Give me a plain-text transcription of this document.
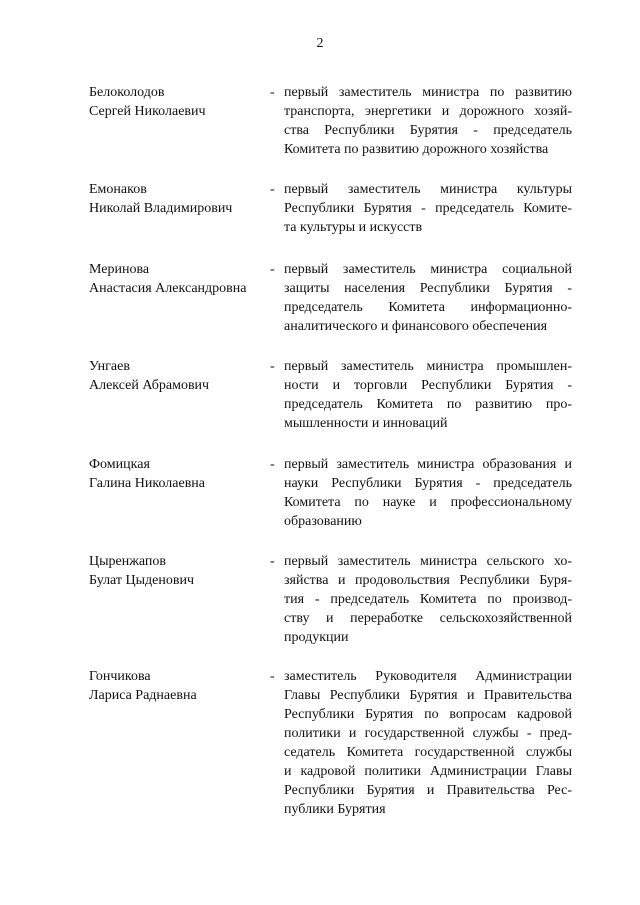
2
Белоколодов
Сергей Николаевич
- первый заместитель министра по развитию
транспорта, энергетики и дорожного хозяй-
ства Республики Бурятия - председатель
Комитета по развитию дорожного хозяйства
Емонаков
Николай Владимирович
- первый заместитель министра культуры
Республики Бурятия - председатель Комите-
та культуры и искусств
Меринова
Анастасия Александровна
- первый заместитель министра социальной
защиты населения Республики Бурятия -
председатель Комитета информационно-
аналитического и финансового обеспечения
Унгаев
Алексей Абрамович
- первый заместитель министра промышлен-
ности и торговли Республики Бурятия -
председатель Комитета по развитию про-
мышленности и инноваций
Фомицкая
Галина Николаевна
- первый заместитель министра образования и
науки Республики Бурятия - председатель
Комитета по науке и профессиональному
образованию
Цыренжапов
Булат Цыденович
- первый заместитель министра сельского хо-
зяйства и продовольствия Республики Буря-
тия - председатель Комитета по производ-
ству и переработке сельскохозяйственной
продукции
Гончикова
Лариса Раднаевна
- заместитель Руководителя Администрации
Главы Республики Бурятия и Правительства
Республики Бурятия по вопросам кадровой
политики и государственной службы - пред-
седатель Комитета государственной службы
и кадровой политики Администрации Главы
Республики Бурятия и Правительства Рес-
публики Бурятия
